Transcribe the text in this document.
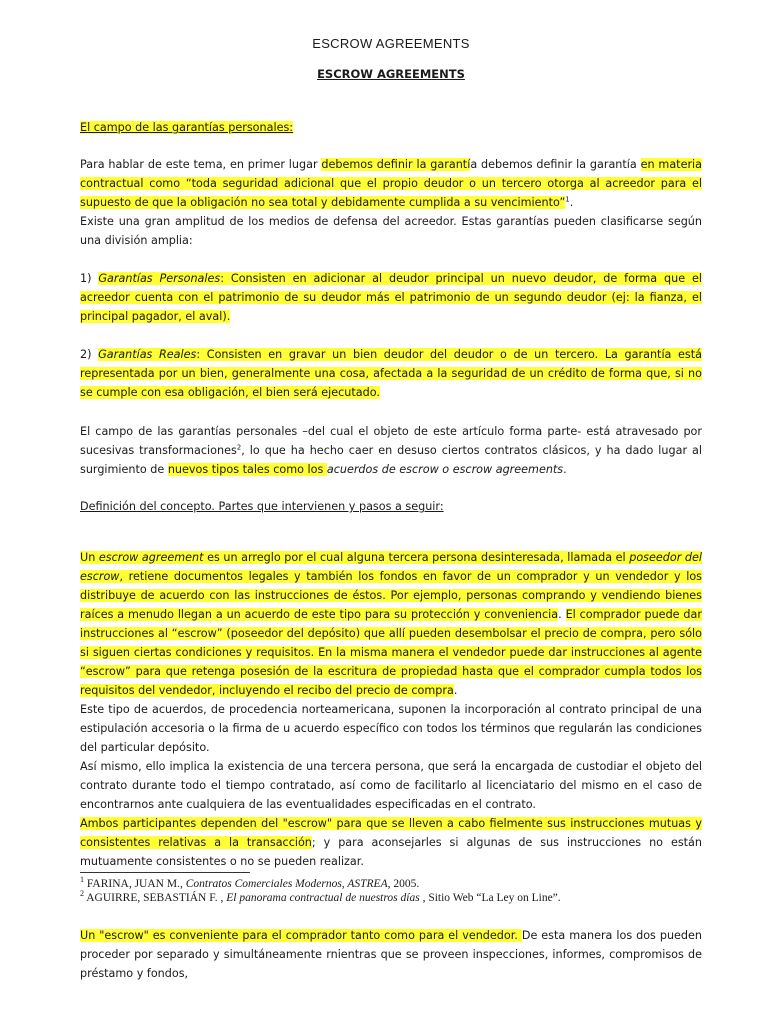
ESCROW AGREEMENTS
ESCROW AGREEMENTS

El campo de las garantías personales:

Para hablar de este tema, en primer lugar debemos definir la garantía debemos definir la garantía en materia contractual como “toda seguridad adicional que el propio deudor o un tercero otorga al acreedor para el supuesto de que la obligación no sea total y debidamente cumplida a su vencimiento”$^1$.

Existe una gran amplitud de los medios de defensa del acreedor. Estas garantías pueden clasificarse según una división amplia:

1) Garantías Personales: Consisten en adicionar al deudor principal un nuevo deudor, de forma que el acreedor cuenta con el patrimonio de su deudor más el patrimonio de un segundo deudor (ej: la fianza, el principal pagador, el aval).

2) Garantías Reales: Consisten en gravar un bien deudor del deudor o de un tercero. La garantía está representada por un bien, generalmente una cosa, afectada a la seguridad de un crédito de forma que, si no se cumple con esa obligación, el bien será ejecutado.

El campo de las garantías personales –del cual el objeto de este artículo forma parte- está atravesado por sucesivas transformaciones$^2$, lo que ha hecho caer en desuso ciertos contratos clásicos, y ha dado lugar al surgimiento de nuevos tipos tales como los acuerdos de escrow o escrow agreements.

Definición del concepto. Partes que intervienen y pasos a seguir:

Un escrow agreement es un arreglo por el cual alguna tercera persona desinteresada, llamada el poseedor del escrow, retiene documentos legales y también los fondos en favor de un comprador y un vendedor y los distribuye de acuerdo con las instrucciones de éstos. Por ejemplo, personas comprando y vendiendo bienes raíces a menudo llegan a un acuerdo de este tipo para su protección y conveniencia. El comprador puede dar instrucciones al “escrow” (poseedor del depósito) que allí pueden desembolsar el precio de compra, pero sólo si siguen ciertas condiciones y requisitos. En la misma manera el vendedor puede dar instrucciones al agente “escrow” para que retenga posesión de la escritura de propiedad hasta que el comprador cumpla todos los requisitos del vendedor, incluyendo el recibo del precio de compra.

Este tipo de acuerdos, de procedencia norteamericana, suponen la incorporación al contrato principal de una estipulación accesoria o la firma de u acuerdo específico con todos los términos que regularán las condiciones del particular depósito.

Así mismo, ello implica la existencia de una tercera persona, que será la encargada de custodiar el objeto del contrato durante todo el tiempo contratado, así como de facilitarlo al licenciatario del mismo en el caso de encontrarnos ante cualquiera de las eventualidades especificadas en el contrato.

Ambos participantes dependen del "escrow" para que se lleven a cabo fielmente sus instrucciones mutuas y consistentes relativas a la transacción; y para aconsejarles si algunas de sus instrucciones no están mutuamente consistentes o no se pueden realizar.

Un "escrow" es conveniente para el comprador tanto como para el vendedor. De esta manera los dos pueden proceder por separado y simultáneamente rnientras que se proveen inspecciones, informes, compromisos de préstamo y fondos,

$^1$ FARINA, JUAN M., Contratos Comerciales Modernos, ASTREA, 2005.
$^2$ AGUIRRE, SEBASTIÁN F. , El panorama contractual de nuestros días , Sitio Web “La Ley on Line”.
